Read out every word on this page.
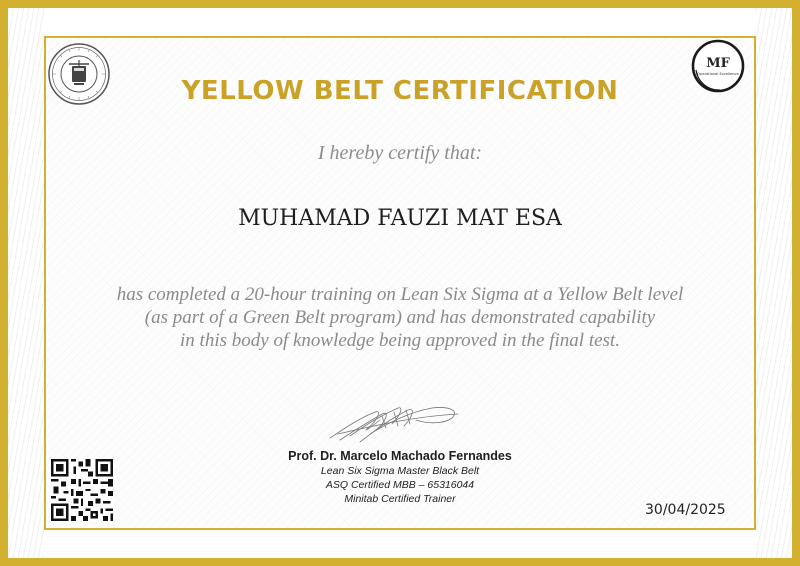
MF
Operational Excellence
YELLOW BELT CERTIFICATION
I hereby certify that:
MUHAMAD FAUZI MAT ESA
has completed a 20-hour training on Lean Six Sigma at a Yellow Belt level
(as part of a Green Belt program) and has demonstrated capability
in this body of knowledge being approved in the final test.
Prof. Dr. Marcelo Machado Fernandes
Lean Six Sigma Master Black Belt
ASQ Certified MBB – 65316044
Minitab Certified Trainer
30/04/2025
